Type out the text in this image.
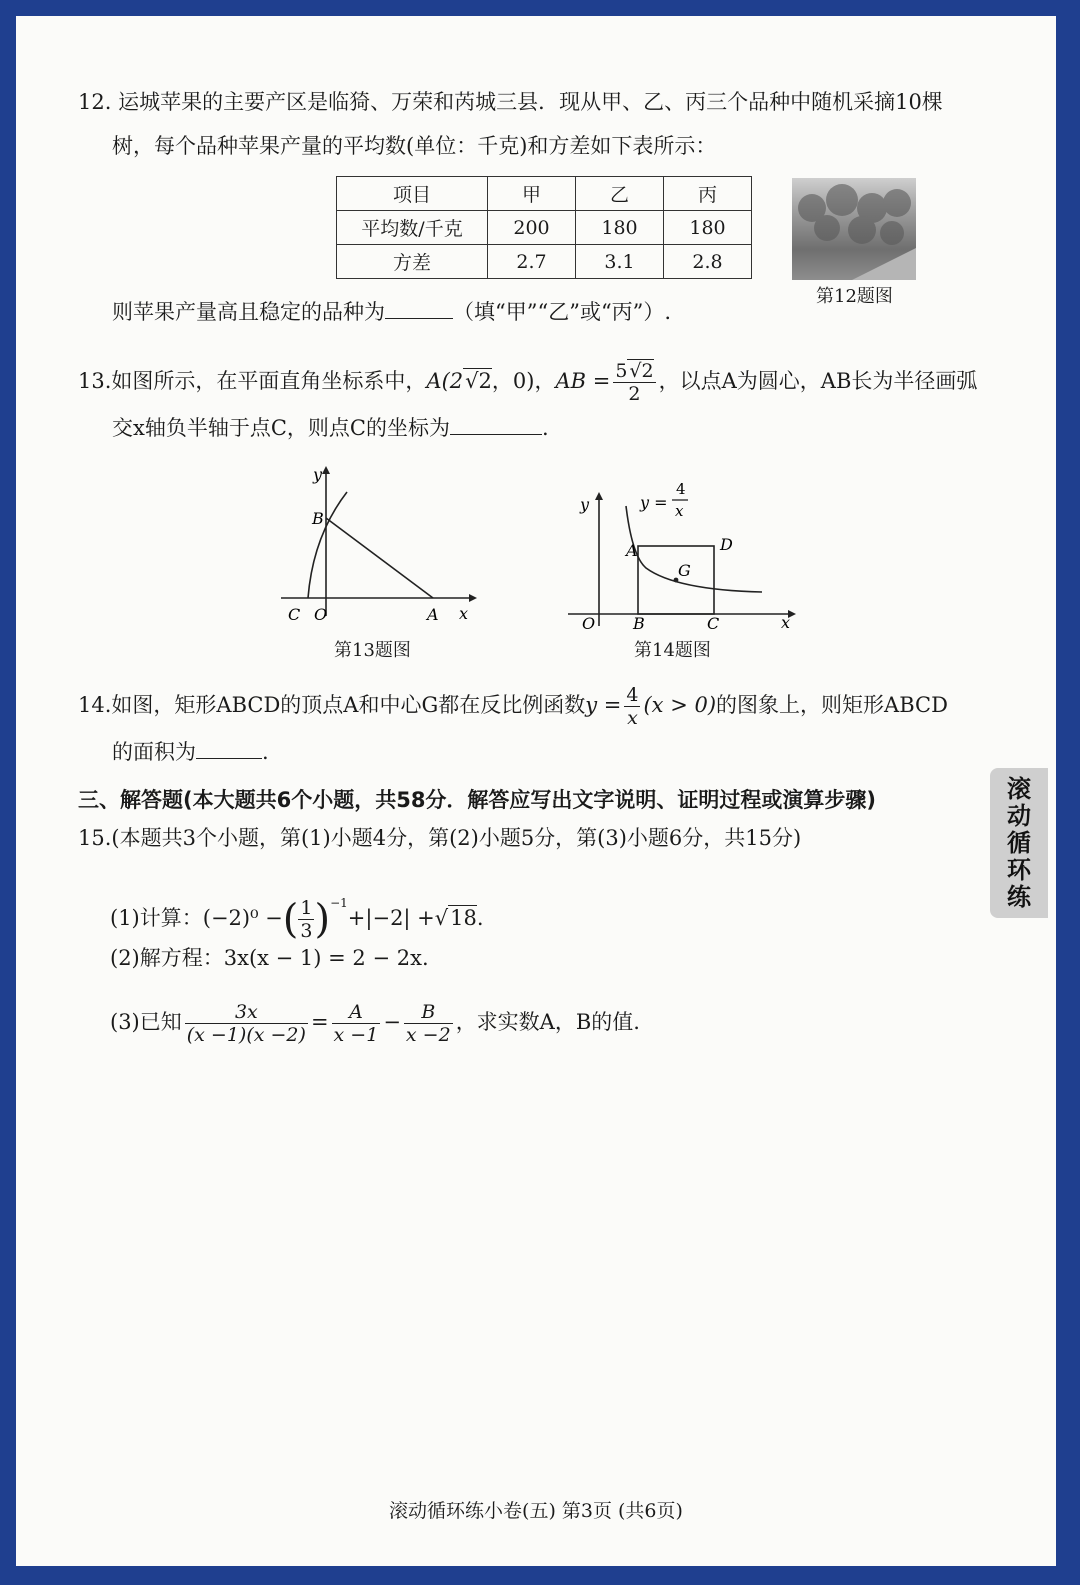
12. 运城苹果的主要产区是临猗、万荣和芮城三县．现从甲、乙、丙三个品种中随机采摘10棵
树，每个品种苹果产量的平均数(单位：千克)和方差如下表所示：
项目	甲	乙	丙
平均数/千克	200	180	180
方差	2.7	3.1	2.8
第12题图
则苹果产量高且稳定的品种为	（填“甲”“乙”或“丙”）.
13.如图所示，在平面直角坐标系中，A(2√2，0)，AB = $\frac{5 √2}{2}$ ，以点A为圆心，AB长为半径画弧
交x轴负半轴于点C，则点C的坐标为	.
y
x
B
C O	A
第13题图
y
x
O
A
B	C
D
G
y =
4
x
第14题图
14.如图，矩形ABCD的顶点A和中心G都在反比例函数$y = \frac{4}{x} (x > 0)$的图象上，则矩形ABCD
的面积为	.
三、解答题(本大题共6个小题，共58分．解答应写出文字说明、证明过程或演算步骤)
15.(本题共3个小题，第(1)小题4分，第(2)小题5分，第(3)小题6分，共15分)
(1)计算：(−2)⁰ −( $\frac{1}{3} )^{-1}+|-2| +√18$.
(2)解方程：3x(x − 1) = 2 − 2x.
(3)已知 $\frac{3x}{(x -1)(x -2)} = \frac{A}{x -1} - \frac{B}{x -2}$ ，求实数A，B的值.
滚
动
循
环
练
滚动循环练小卷(五) 第3页 (共6页)
